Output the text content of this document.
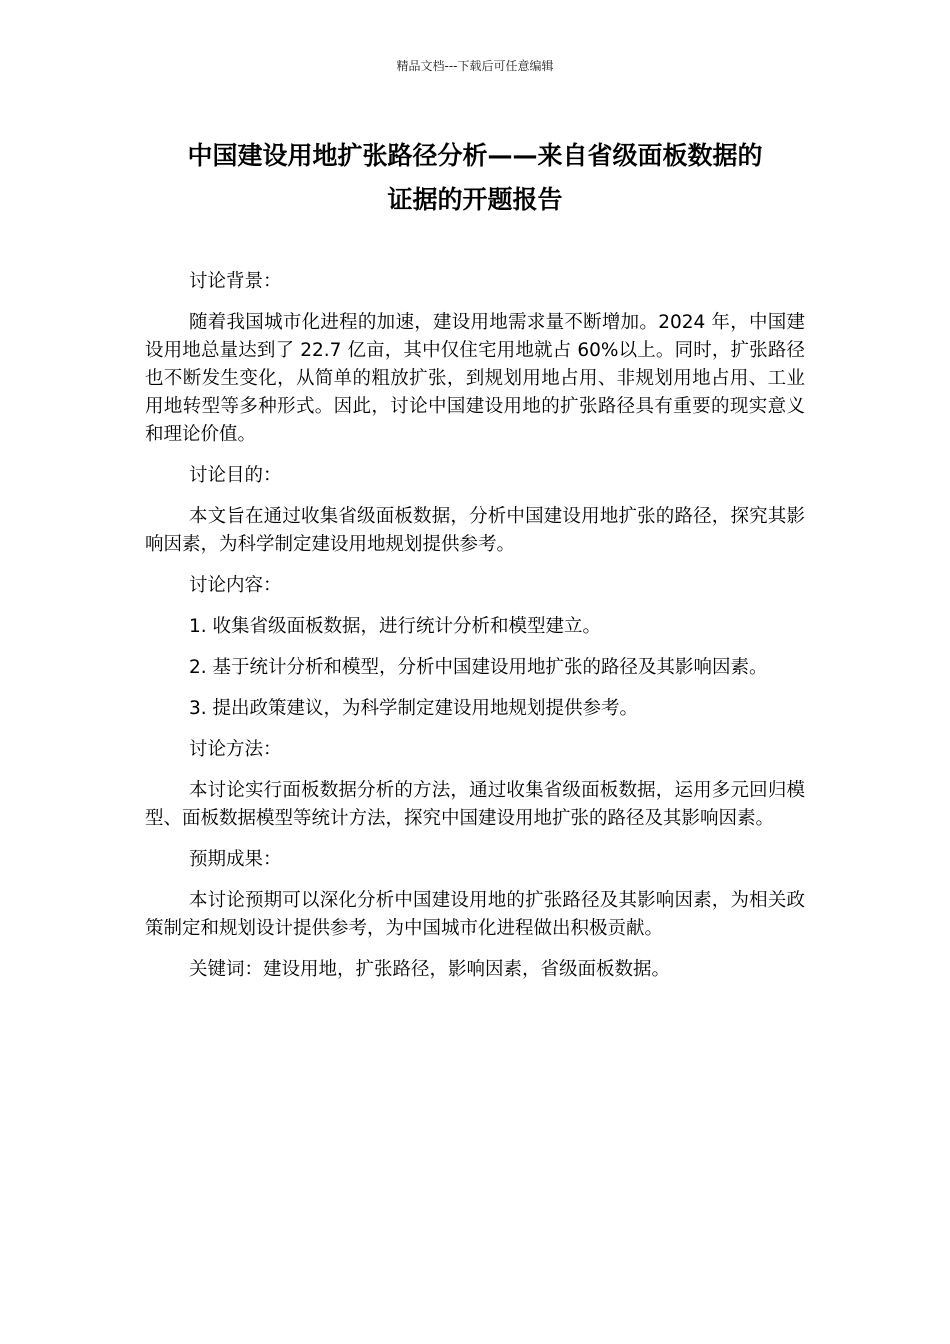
精品文档---下载后可任意编辑
中国建设用地扩张路径分析——来自省级面板数据的
证据的开题报告

讨论背景：

随着我国城市化进程的加速，建设用地需求量不断增加。2024 年，中国建设用地总量达到了 22.7 亿亩，其中仅住宅用地就占 60%以上。同时，扩张路径也不断发生变化，从简单的粗放扩张，到规划用地占用、非规划用地占用、工业用地转型等多种形式。因此，讨论中国建设用地的扩张路径具有重要的现实意义和理论价值。

讨论目的：

本文旨在通过收集省级面板数据，分析中国建设用地扩张的路径，探究其影响因素，为科学制定建设用地规划提供参考。

讨论内容：

1. 收集省级面板数据，进行统计分析和模型建立。

2. 基于统计分析和模型，分析中国建设用地扩张的路径及其影响因素。

3. 提出政策建议，为科学制定建设用地规划提供参考。

讨论方法：

本讨论实行面板数据分析的方法，通过收集省级面板数据，运用多元回归模型、面板数据模型等统计方法，探究中国建设用地扩张的路径及其影响因素。

预期成果：

本讨论预期可以深化分析中国建设用地的扩张路径及其影响因素，为相关政策制定和规划设计提供参考，为中国城市化进程做出积极贡献。

关键词：建设用地，扩张路径，影响因素，省级面板数据。
